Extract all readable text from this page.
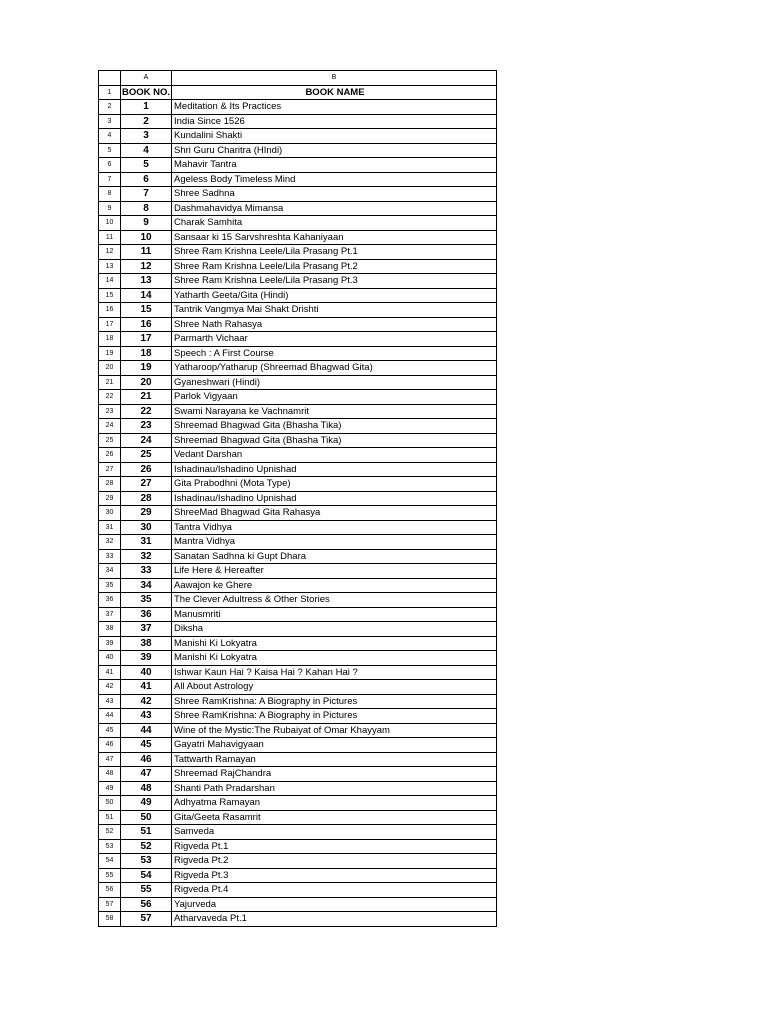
	A	B
1	BOOK NO.	BOOK NAME
2	1	Meditation & Its Practices
3	2	India Since 1526
4	3	Kundalini Shakti
5	4	Shri Guru Charitra (HIndi)
6	5	Mahavir Tantra
7	6	Ageless Body Timeless Mind
8	7	Shree Sadhna
9	8	Dashmahavidya Mimansa
10	9	Charak Samhita
11	10	Sansaar ki 15 Sarvshreshta Kahaniyaan
12	11	Shree Ram Krishna Leele/Lila Prasang Pt.1
13	12	Shree Ram Krishna Leele/Lila Prasang Pt.2
14	13	Shree Ram Krishna Leele/Lila Prasang Pt.3
15	14	Yatharth Geeta/Gita (Hindi)
16	15	Tantrik Vangmya Mai Shakt Drishti
17	16	Shree Nath Rahasya
18	17	Parmarth Vichaar
19	18	Speech : A First Course
20	19	Yatharoop/Yatharup (Shreemad Bhagwad Gita)
21	20	Gyaneshwari (Hindi)
22	21	Parlok Vigyaan
23	22	Swami Narayana ke Vachnamrit
24	23	Shreemad Bhagwad Gita (Bhasha Tika)
25	24	Shreemad Bhagwad Gita (Bhasha Tika)
26	25	Vedant Darshan
27	26	Ishadinau/Ishadino Upnishad
28	27	Gita Prabodhni (Mota Type)
29	28	Ishadinau/Ishadino Upnishad
30	29	ShreeMad Bhagwad Gita Rahasya
31	30	Tantra Vidhya
32	31	Mantra Vidhya
33	32	Sanatan Sadhna ki Gupt Dhara
34	33	Life Here & Hereafter
35	34	Aawajon ke Ghere
36	35	The Clever Adultress & Other Stories
37	36	Manusmriti
38	37	Diksha
39	38	Manishi Ki Lokyatra
40	39	Manishi Ki Lokyatra
41	40	Ishwar Kaun Hai ? Kaisa Hai ? Kahan Hai ?
42	41	All About Astrology
43	42	Shree RamKrishna: A Biography in Pictures
44	43	Shree RamKrishna: A Biography in Pictures
45	44	Wine of the Mystic:The Rubaiyat of Omar Khayyam
46	45	Gayatri Mahavigyaan
47	46	Tattwarth Ramayan
48	47	Shreemad RajChandra
49	48	Shanti Path Pradarshan
50	49	Adhyatma Ramayan
51	50	Gita/Geeta Rasamrit
52	51	Samveda
53	52	Rigveda Pt.1
54	53	Rigveda Pt.2
55	54	Rigveda Pt.3
56	55	Rigveda Pt.4
57	56	Yajurveda
58	57	Atharvaveda Pt.1
